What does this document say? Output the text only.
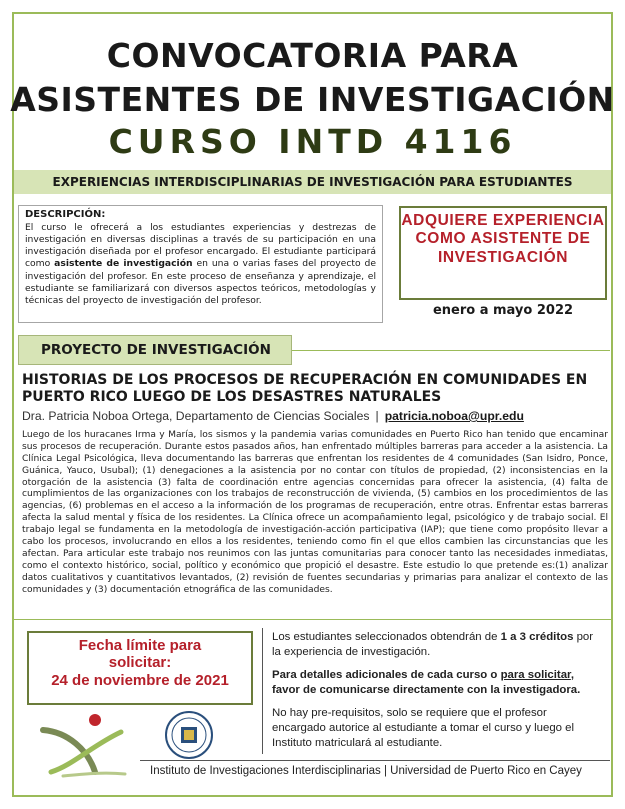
CONVOCATORIA PARA
ASISTENTES DE INVESTIGACIÓN
CURSO INTD 4116
EXPERIENCIAS INTERDISCIPLINARIAS DE INVESTIGACIÓN PARA ESTUDIANTES
DESCRIPCIÓN:
El curso le ofrecerá a los estudiantes experiencias y destrezas de investigación en diversas disciplinas a través de su participación en una investigación diseñada por el profesor encargado. El estudiante participará como asistente de investigación en una o varias fases del proyecto de investigación del profesor. En este proceso de enseñanza y aprendizaje, el estudiante se familiarizará con diversos aspectos teóricos, metodologías y técnicas del proyecto de investigación del profesor.
ADQUIERE EXPERIENCIA COMO ASISTENTE DE INVESTIGACIÓN
enero a mayo 2022
PROYECTO DE INVESTIGACIÓN
HISTORIAS DE LOS PROCESOS DE RECUPERACIÓN EN COMUNIDADES EN PUERTO RICO LUEGO DE LOS DESASTRES NATURALES
Dra. Patricia Noboa Ortega, Departamento de Ciencias Sociales | patricia.noboa@upr.edu
Luego de los huracanes Irma y María, los sismos y la pandemia varias comunidades en Puerto Rico han tenido que encaminar sus procesos de recuperación. Durante estos pasados años, han enfrentado múltiples barreras para acceder a la asistencia. La Clínica Legal Psicológica, lleva documentando las barreras que enfrentan los residentes de 4 comunidades (San Isidro, Ponce, Guánica, Yauco, Usubal); (1) denegaciones a la asistencia por no contar con títulos de propiedad, (2) inconsistencias en la otorgación de la asistencia (3) falta de coordinación entre agencias concernidas para ofrecer la asistencia, (4) falta de cumplimientos de las organizaciones con los trabajos de reconstrucción de vivienda, (5) cambios en los procedimientos de las agencias, (6) problemas en el acceso a la información de los programas de recuperación, entre otras. Enfrentar estas barreras afecta la salud mental y física de los residentes. La Clínica ofrece un acompañamiento legal, psicológico y de trabajo social. El trabajo legal se fundamenta en la metodología de investigación-acción participativa (IAP); que tiene como propósito llevar a cabo los procesos, involucrando en ellos a los residentes, teniendo como fin el que ellos cambien las circunstancias que les afectan. Para articular este trabajo nos reunimos con las juntas comunitarias para conocer tanto las necesidades inmediatas, como el contexto histórico, social, político y económico que propició el desastre. Este estudio lo que pretende es:(1) analizar datos cualitativos y cuantitativos levantados, (2) revisión de fuentes secundarias y primarias para analizar el contexto de las comunidades y (3) documentación etnográfica de las comunidades.
Fecha límite para
solicitar:
24 de noviembre de 2021

Los estudiantes seleccionados obtendrán de 1 a 3 créditos por la experiencia de investigación.

Para detalles adicionales de cada curso o para solicitar, favor de comunicarse directamente con la investigadora.

No hay pre-requisitos, solo se requiere que el profesor encargado autorice al estudiante a tomar el curso y luego el Instituto matriculará al estudiante.

Instituto de Investigaciones Interdisciplinarias | Universidad de Puerto Rico en Cayey
